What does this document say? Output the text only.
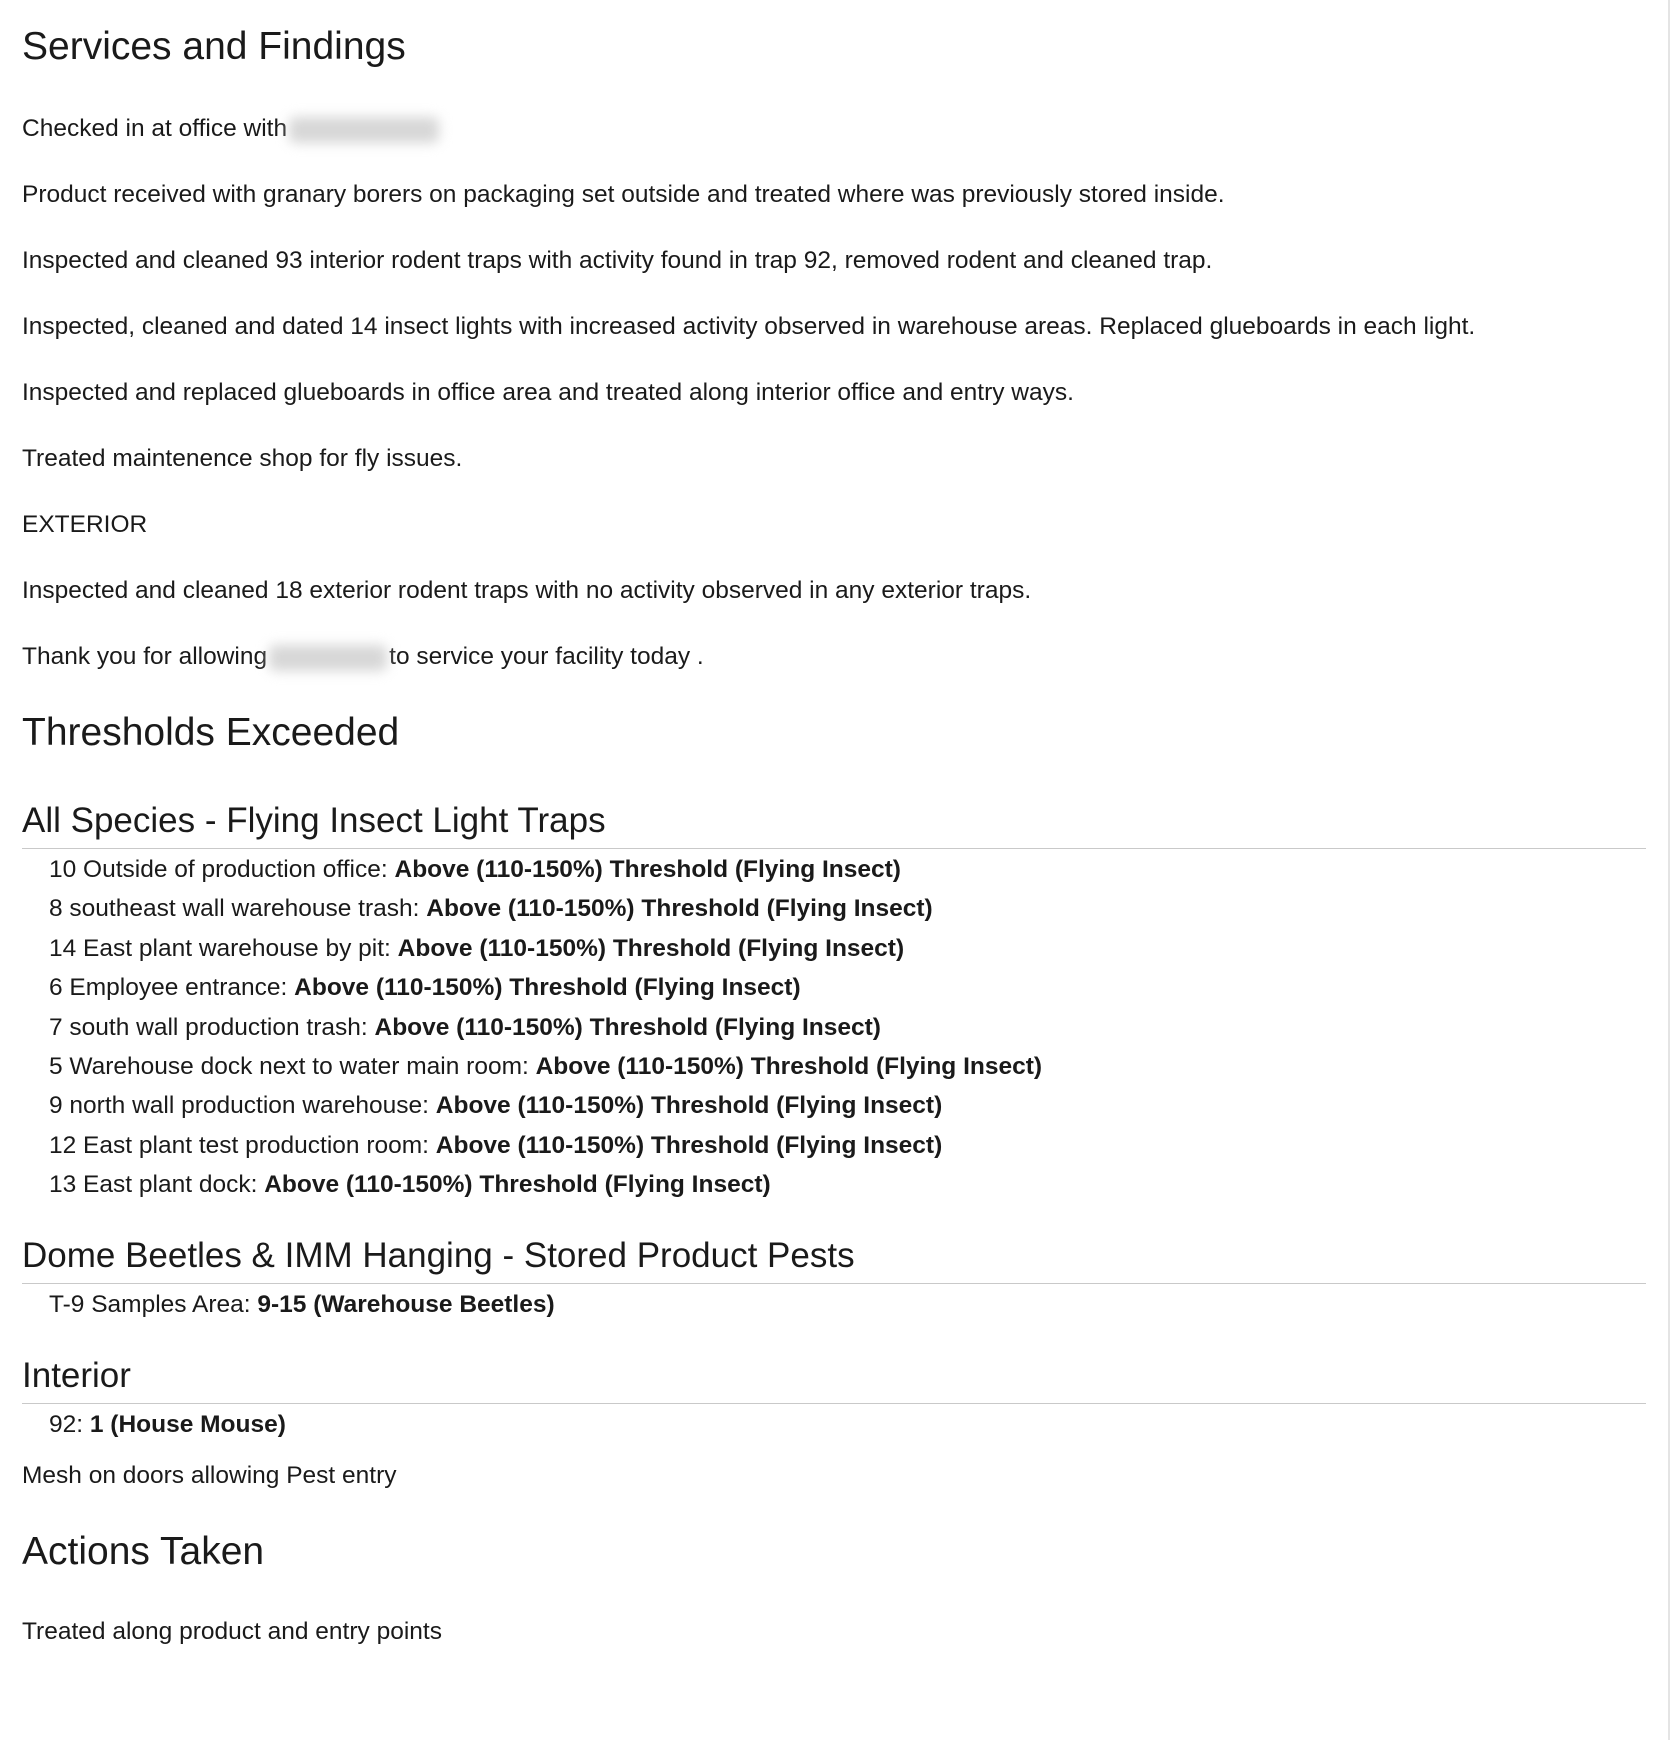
Services and Findings

Checked in at office with

Product received with granary borers on packaging set outside and treated where was previously stored inside.

Inspected and cleaned 93 interior rodent traps with activity found in trap 92, removed rodent and cleaned trap.

Inspected, cleaned and dated 14 insect lights with increased activity observed in warehouse areas. Replaced glueboards in each light.

Inspected and replaced glueboards in office area and treated along interior office and entry ways.

Treated maintenence shop for fly issues.

EXTERIOR

Inspected and cleaned 18 exterior rodent traps with no activity observed in any exterior traps.

Thank you for allowing	to service your facility today .

Thresholds Exceeded
All Species - Flying Insect Light Traps
10 Outside of production office: Above (110-150%) Threshold (Flying Insect)
8 southeast wall warehouse trash: Above (110-150%) Threshold (Flying Insect)
14 East plant warehouse by pit: Above (110-150%) Threshold (Flying Insect)
6 Employee entrance: Above (110-150%) Threshold (Flying Insect)
7 south wall production trash: Above (110-150%) Threshold (Flying Insect)
5 Warehouse dock next to water main room: Above (110-150%) Threshold (Flying Insect)
9 north wall production warehouse: Above (110-150%) Threshold (Flying Insect)
12 East plant test production room: Above (110-150%) Threshold (Flying Insect)
13 East plant dock: Above (110-150%) Threshold (Flying Insect)
Dome Beetles & IMM Hanging - Stored Product Pests
T-9 Samples Area: 9-15 (Warehouse Beetles)
Interior
92: 1 (House Mouse)

Mesh on doors allowing Pest entry

Actions Taken

Treated along product and entry points
